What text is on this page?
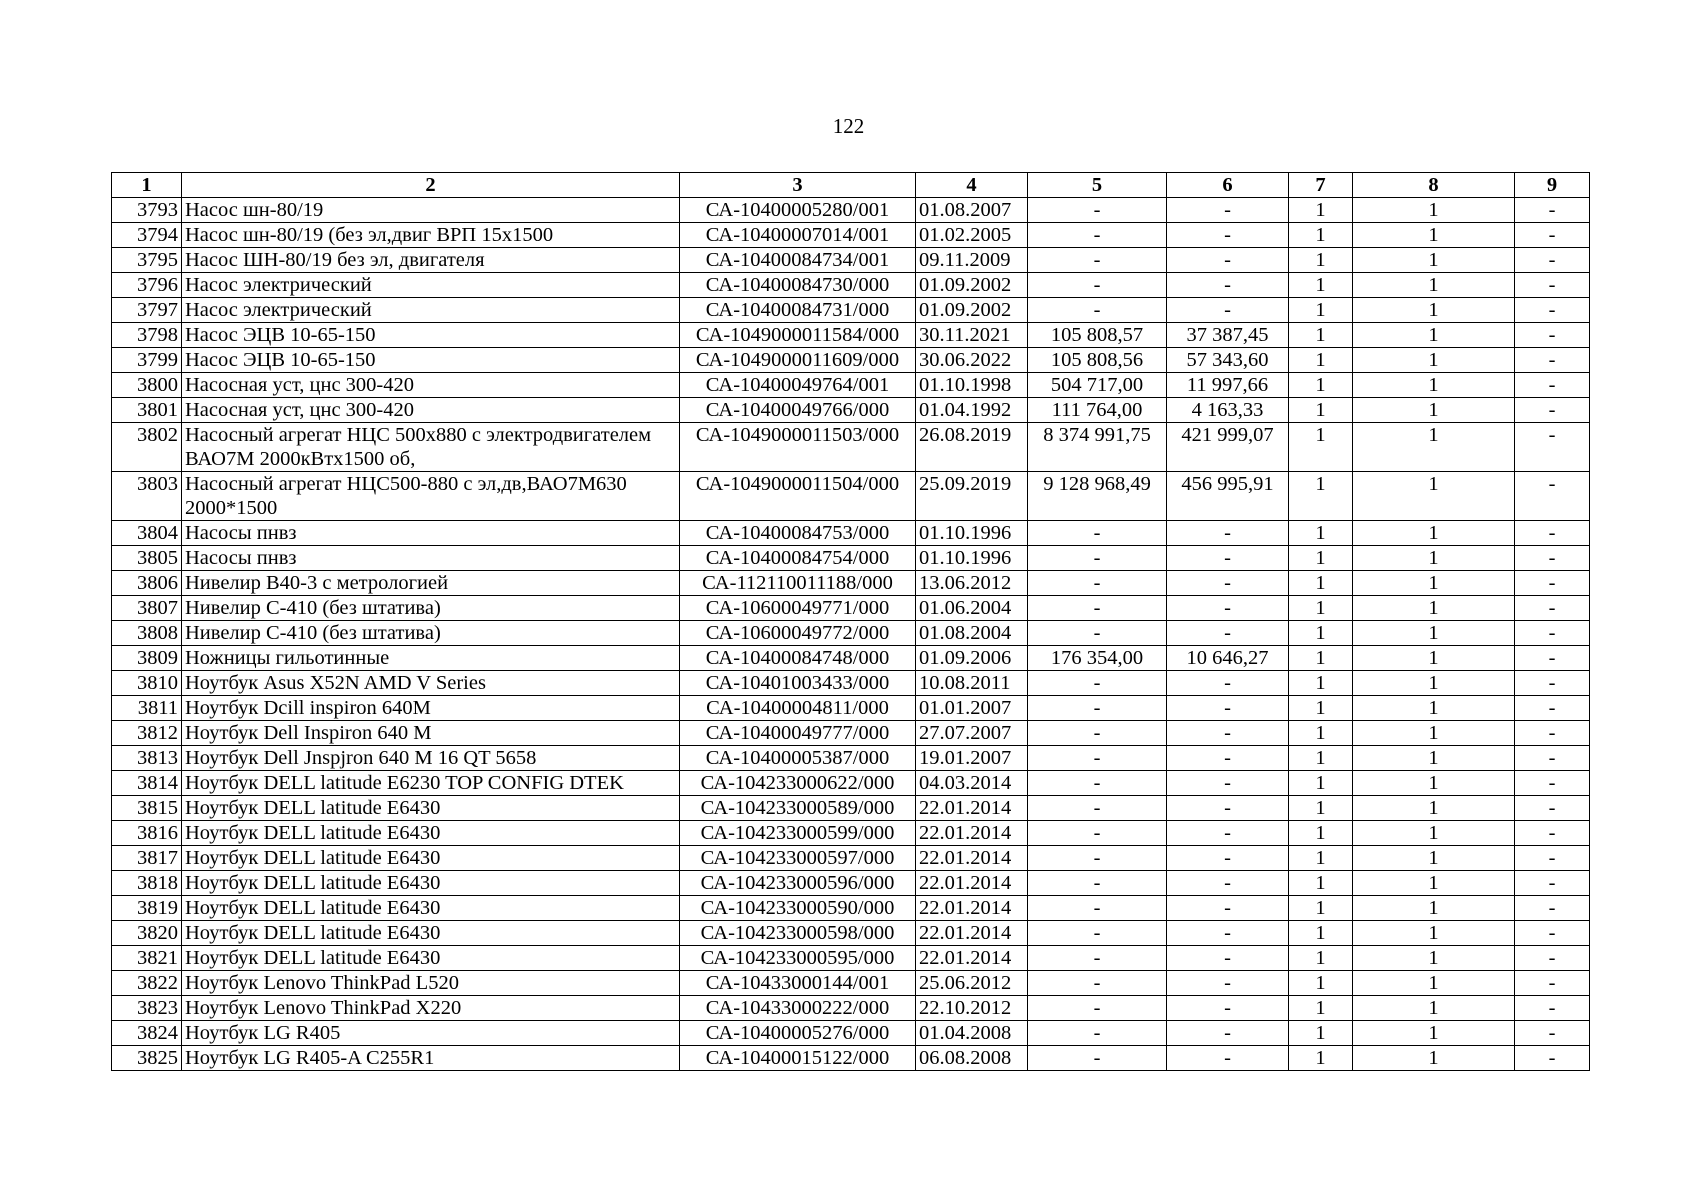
122
1	2	3	4	5	6	7	8	9
3793	Насос шн-80/19	СА-10400005280/001	01.08.2007	-	-	1	1	-
3794	Насос шн-80/19 (без эл,двиг ВРП 15х1500	СА-10400007014/001	01.02.2005	-	-	1	1	-
3795	Насос ШН-80/19 без эл, двигателя	СА-10400084734/001	09.11.2009	-	-	1	1	-
3796	Насос электрический	СА-10400084730/000	01.09.2002	-	-	1	1	-
3797	Насос электрический	СА-10400084731/000	01.09.2002	-	-	1	1	-
3798	Насос ЭЦВ 10-65-150	СА-1049000011584/000	30.11.2021	105 808,57	37 387,45	1	1	-
3799	Насос ЭЦВ 10-65-150	СА-1049000011609/000	30.06.2022	105 808,56	57 343,60	1	1	-
3800	Насосная уст, цнс 300-420	СА-10400049764/001	01.10.1998	504 717,00	11 997,66	1	1	-
3801	Насосная уст, цнс 300-420	СА-10400049766/000	01.04.1992	111 764,00	4 163,33	1	1	-
3802	Насосный агрегат НЦС 500х880 с электродвигателем ВАО7М 2000кВтх1500 об,	СА-1049000011503/000	26.08.2019	8 374 991,75	421 999,07	1	1	-
3803	Насосный агрегат НЦС500-880 с эл,дв,ВАО7М630 2000*1500	СА-1049000011504/000	25.09.2019	9 128 968,49	456 995,91	1	1	-
3804	Насосы пнвз	СА-10400084753/000	01.10.1996	-	-	1	1	-
3805	Насосы пнвз	СА-10400084754/000	01.10.1996	-	-	1	1	-
3806	Нивелир В40-3 с метрологией	СА-112110011188/000	13.06.2012	-	-	1	1	-
3807	Нивелир С-410 (без штатива)	СА-10600049771/000	01.06.2004	-	-	1	1	-
3808	Нивелир С-410 (без штатива)	СА-10600049772/000	01.08.2004	-	-	1	1	-
3809	Ножницы гильотинные	СА-10400084748/000	01.09.2006	176 354,00	10 646,27	1	1	-
3810	Ноутбук Asus X52N AMD V Series	СА-10401003433/000	10.08.2011	-	-	1	1	-
3811	Ноутбук Dcill inspiron 640M	СА-10400004811/000	01.01.2007	-	-	1	1	-
3812	Ноутбук Dell Inspiron 640 M	СА-10400049777/000	27.07.2007	-	-	1	1	-
3813	Ноутбук Dell Jnspjron 640 M 16 QT 5658	СА-10400005387/000	19.01.2007	-	-	1	1	-
3814	Ноутбук DELL latitude E6230 TOP CONFIG DTEK	СА-104233000622/000	04.03.2014	-	-	1	1	-
3815	Ноутбук DELL latitude E6430	СА-104233000589/000	22.01.2014	-	-	1	1	-
3816	Ноутбук DELL latitude E6430	СА-104233000599/000	22.01.2014	-	-	1	1	-
3817	Ноутбук DELL latitude E6430	СА-104233000597/000	22.01.2014	-	-	1	1	-
3818	Ноутбук DELL latitude E6430	СА-104233000596/000	22.01.2014	-	-	1	1	-
3819	Ноутбук DELL latitude E6430	СА-104233000590/000	22.01.2014	-	-	1	1	-
3820	Ноутбук DELL latitude E6430	СА-104233000598/000	22.01.2014	-	-	1	1	-
3821	Ноутбук DELL latitude E6430	СА-104233000595/000	22.01.2014	-	-	1	1	-
3822	Ноутбук Lenovo ThinkPad L520	СА-10433000144/001	25.06.2012	-	-	1	1	-
3823	Ноутбук Lenovo ThinkPad X220	СА-10433000222/000	22.10.2012	-	-	1	1	-
3824	Ноутбук LG R405	СА-10400005276/000	01.04.2008	-	-	1	1	-
3825	Ноутбук LG R405-A C255R1	СА-10400015122/000	06.08.2008	-	-	1	1	-
